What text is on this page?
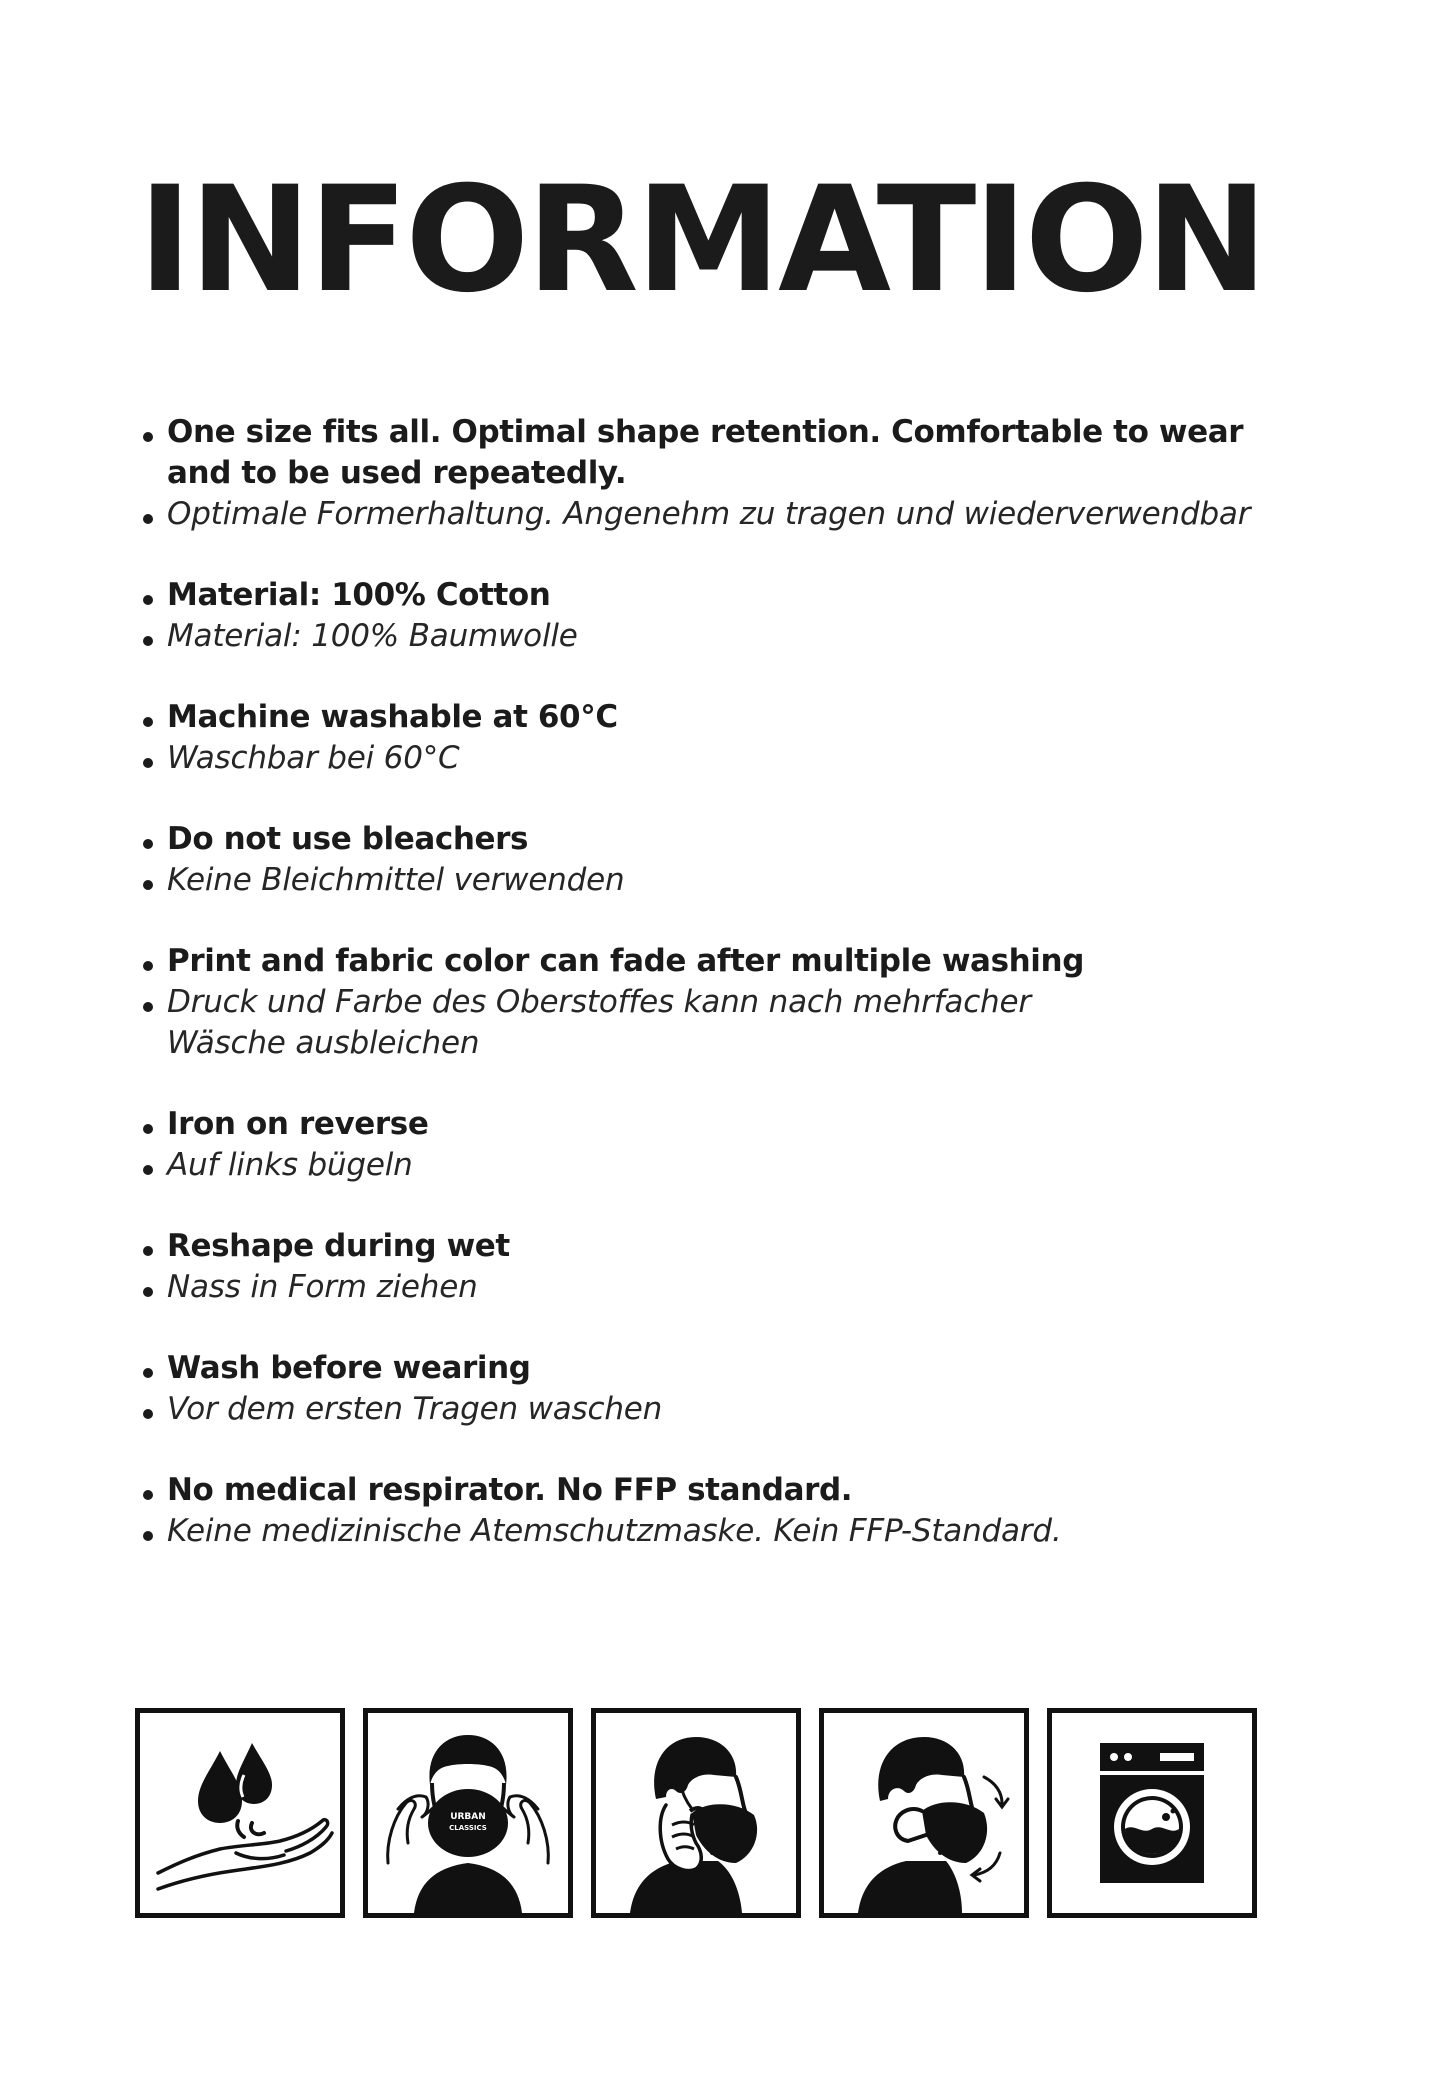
INFORMATION
One size fits all. Optimal shape retention. Comfortable to wear and to be used repeatedly.
Optimale Formerhaltung. Angenehm zu tragen und wiederverwendbar
Material: 100% Cotton
Material: 100% Baumwolle
Machine washable at 60°C
Waschbar bei 60°C
Do not use bleachers
Keine Bleichmittel verwenden
Print and fabric color can fade after multiple washing
Druck und Farbe des Oberstoffes kann nach mehrfacher Wäsche ausbleichen
Iron on reverse
Auf links bügeln
Reshape during wet
Nass in Form ziehen
Wash before wearing
Vor dem ersten Tragen waschen
No medical respirator. No FFP standard.
Keine medizinische Atemschutzmaske. Kein FFP-Standard.
URBAN
CLASSICS
